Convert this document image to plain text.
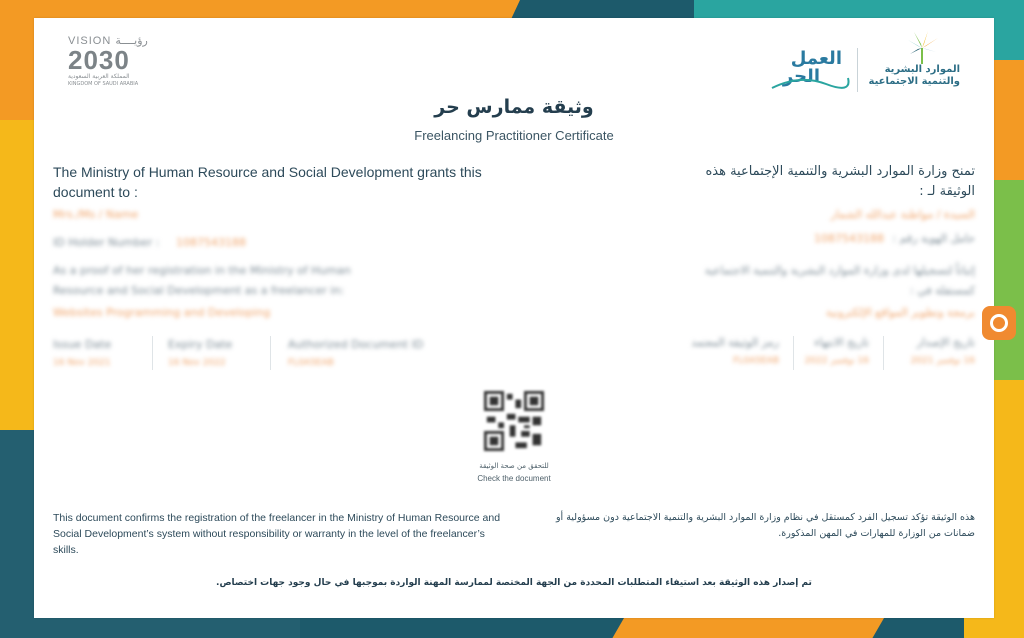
VISION رؤيــــة
2030
المملكة العربية السعودية
KINGDOM OF SAUDI ARABIA
الموارد البشرية
والتنمية الاجتماعية
العمل
الحر
وثيقة ممارس حر
Freelancing Practitioner Certificate
The Ministry of Human Resource and Social Development grants this document to :
تمنح وزارة الموارد البشرية والتنمية الإجتماعية هذه الوثيقة لـ :
Mrs./Ms / Name
ID Holder Number : 1087543188
As a proof of her registration in the Ministry of Human
Resource and Social Development as a freelancer in:
Websites Programming and Developing
Issue Date
16 Nov 2021
Expiry Date
16 Nov 2022
Authorized Document ID
FL0A5EAB
السيدة / مواطنة عبدالله الشمار
حامل الهوية رقم :
1087543188
إثباتاً لتسجيلها لدى وزارة الموارد البشرية والتنمية الاجتماعية
كمستقلة في :
برمجة وتطوير المواقع الإلكترونية
تاريخ الإصدار
16 نوفمبر 2021
تاريخ الانتهاء
16 نوفمبر 2022
رمز الوثيقة المعتمد
FL0A5EAB
للتحقق من صحة الوثيقة
Check the document
This document confirms the registration of the freelancer in the Ministry of Human Resource and Social Development’s system without responsibility or warranty in the level of the freelancer’s skills.
هذه الوثيقة تؤكد تسجيل الفرد كمستقل في نظام وزارة الموارد البشرية والتنمية الاجتماعية دون مسؤولية أو ضمانات من الوزارة للمهارات في المهن المذكورة.
تم إصدار هذه الوثيقة بعد استيفاء المتطلبات المحددة من الجهة المختصة لممارسة المهنة الواردة بموجبها في حال وجود جهات اختصاص.
